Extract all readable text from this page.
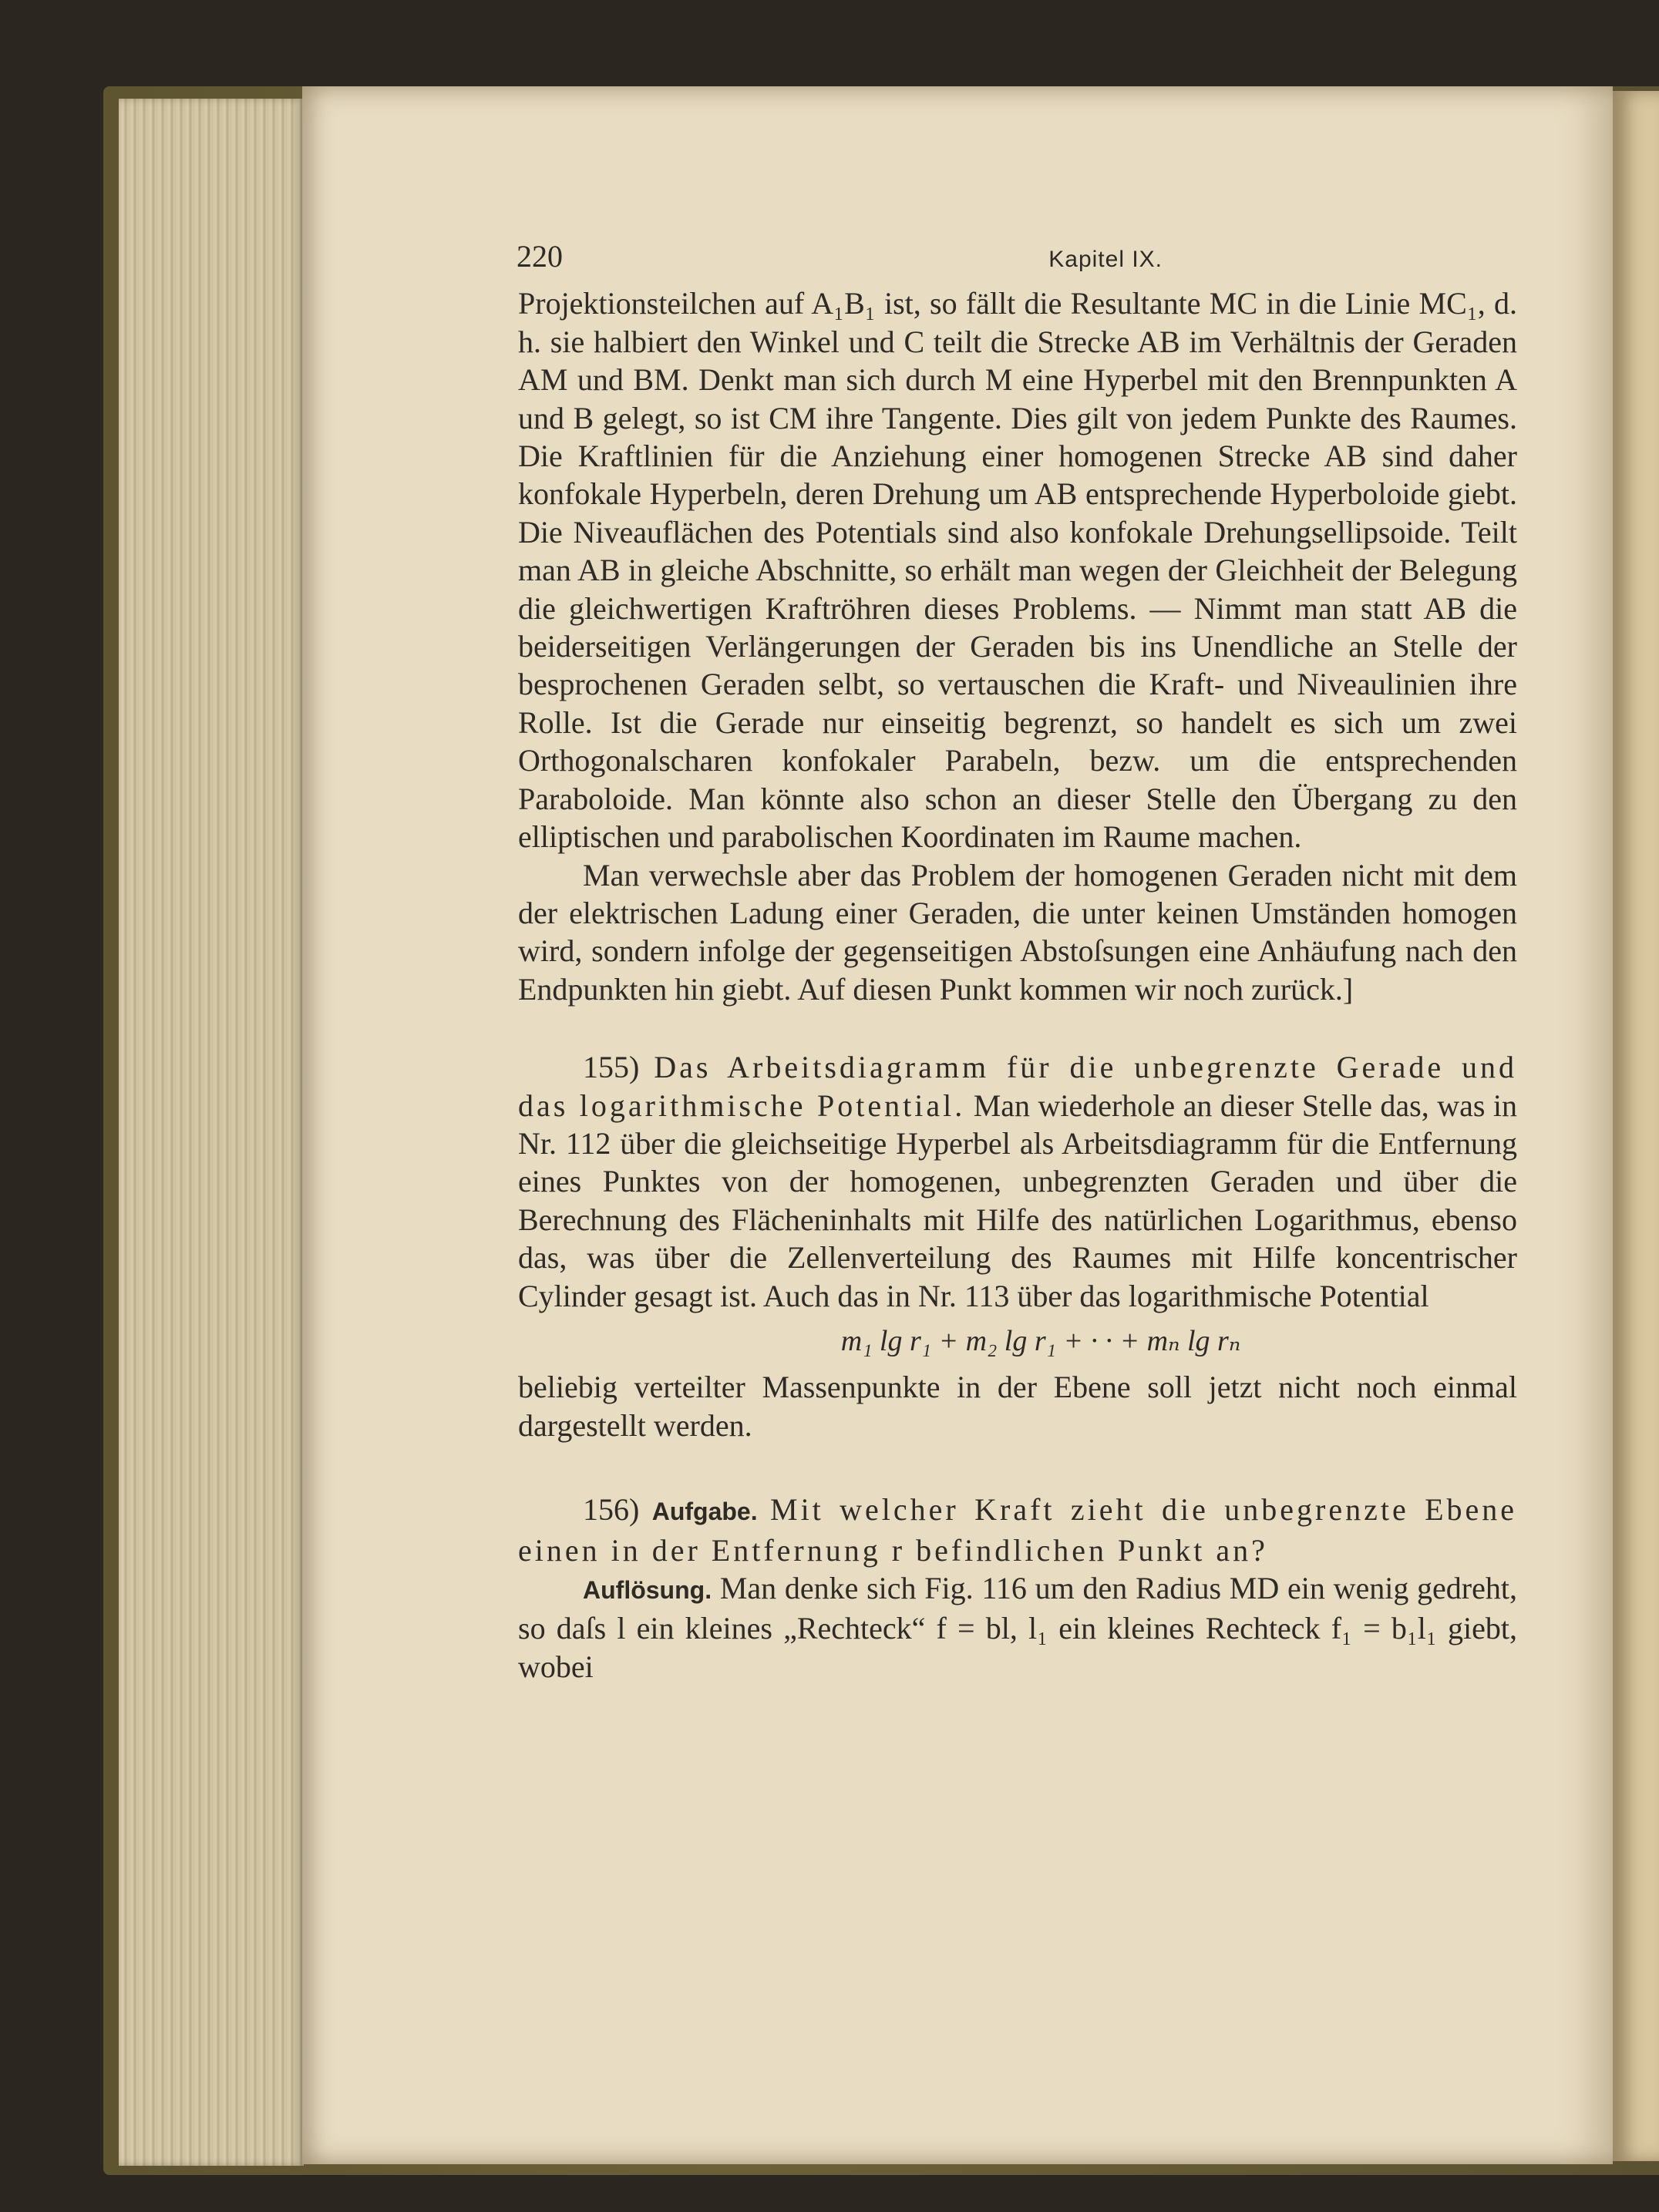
220	Kapitel IX.

Projektionsteilchen auf A₁B₁ ist, so fällt die Resultante MC in die Linie MC₁, d. h. sie halbiert den Winkel und C teilt die Strecke AB im Verhältnis der Geraden AM und BM. Denkt man sich durch M eine Hyperbel mit den Brennpunkten A und B gelegt, so ist CM ihre Tangente. Dies gilt von jedem Punkte des Raumes. Die Kraftlinien für die Anziehung einer homogenen Strecke AB sind daher konfokale Hyperbeln, deren Drehung um AB entsprechende Hyperboloide giebt. Die Niveauflächen des Potentials sind also konfokale Drehungsellipsoide. Teilt man AB in gleiche Abschnitte, so erhält man wegen der Gleichheit der Belegung die gleichwertigen Kraftröhren dieses Problems. — Nimmt man statt AB die beiderseitigen Verlängerungen der Geraden bis ins Unendliche an Stelle der besprochenen Geraden selbt, so vertauschen die Kraft- und Niveaulinien ihre Rolle. Ist die Gerade nur einseitig begrenzt, so handelt es sich um zwei Orthogonalscharen konfokaler Parabeln, bezw. um die entsprechenden Paraboloide. Man könnte also schon an dieser Stelle den Übergang zu den elliptischen und parabolischen Koordinaten im Raume machen.

Man verwechsle aber das Problem der homogenen Geraden nicht mit dem der elektrischen Ladung einer Geraden, die unter keinen Umständen homogen wird, sondern infolge der gegenseitigen Abstoſsungen eine Anhäufung nach den Endpunkten hin giebt. Auf diesen Punkt kommen wir noch zurück.]

155) Das Arbeitsdiagramm für die unbegrenzte Gerade und das logarithmische Potential. Man wiederhole an dieser Stelle das, was in Nr. 112 über die gleichseitige Hyperbel als Arbeitsdiagramm für die Entfernung eines Punktes von der homogenen, unbegrenzten Geraden und über die Berechnung des Flächeninhalts mit Hilfe des natürlichen Logarithmus, ebenso das, was über die Zellenverteilung des Raumes mit Hilfe koncentrischer Cylinder gesagt ist. Auch das in Nr. 113 über das logarithmische Potential

m₁ lg r₁ + m₂ lg r₁ + · · + mₙ lg rₙ

beliebig verteilter Massenpunkte in der Ebene soll jetzt nicht noch einmal dargestellt werden.

156) Aufgabe. Mit welcher Kraft zieht die unbegrenzte Ebene einen in der Entfernung r befindlichen Punkt an?

Auflösung. Man denke sich Fig. 116 um den Radius MD ein wenig gedreht, so daſs l ein kleines „Rechteck“ f = bl, l₁ ein kleines Rechteck f₁ = b₁l₁ giebt, wobei
